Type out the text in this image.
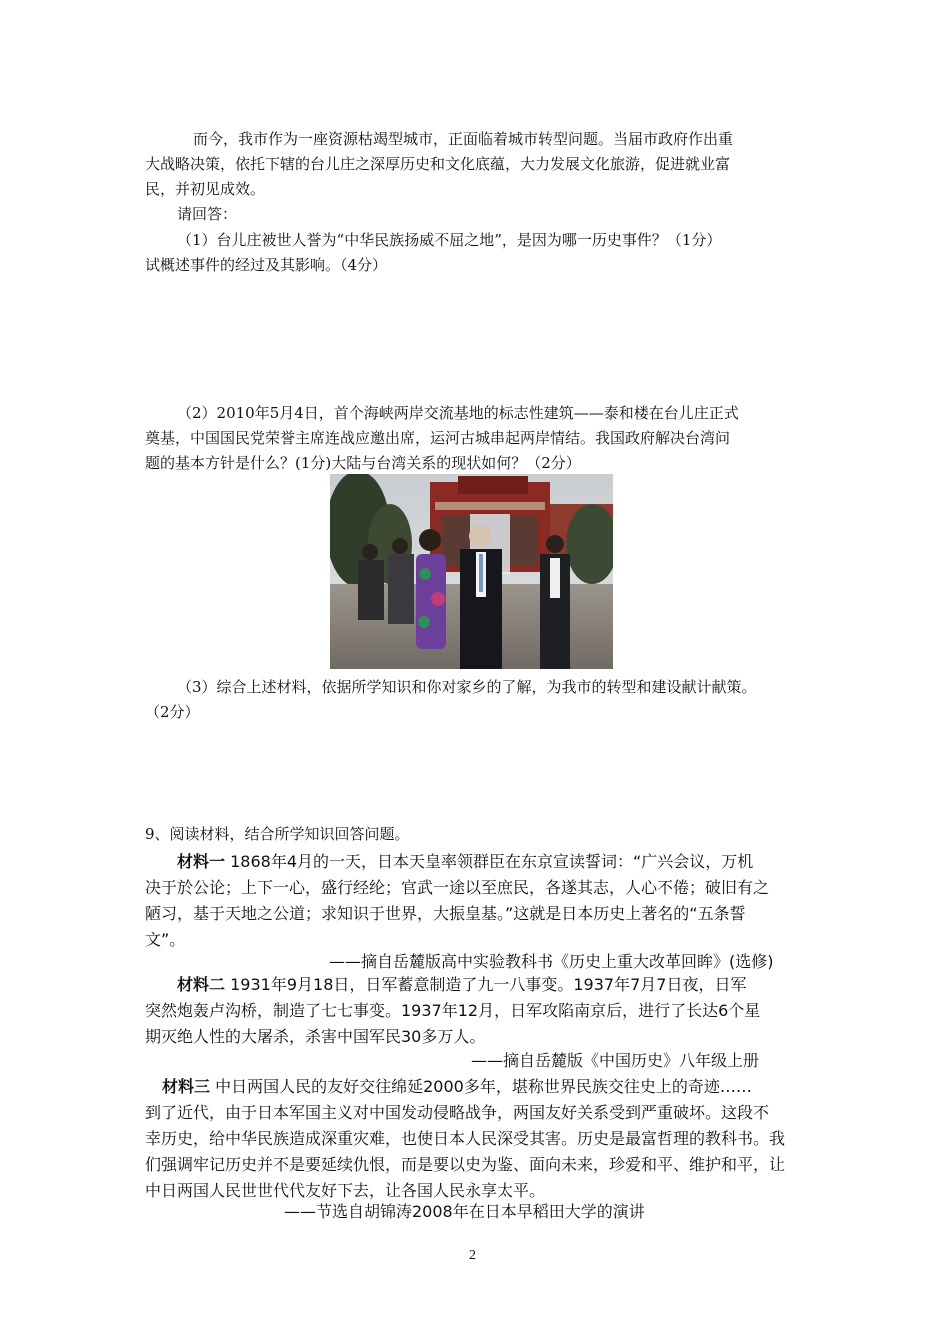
而今，我市作为一座资源枯竭型城市，正面临着城市转型问题。当届市政府作出重
大战略决策，依托下辖的台儿庄之深厚历史和文化底蕴，大力发展文化旅游，促进就业富
民，并初见成效。
请回答：
（1）台儿庄被世人誉为“中华民族扬威不屈之地”，是因为哪一历史事件？（1分）
试概述事件的经过及其影响。（4分）
（2）2010年5月4日，首个海峡两岸交流基地的标志性建筑——泰和楼在台儿庄正式
奠基，中国国民党荣誉主席连战应邀出席，运河古城串起两岸情结。我国政府解决台湾问
题的基本方针是什么？(1分)大陆与台湾关系的现状如何？（2分）
（3）综合上述材料，依据所学知识和你对家乡的了解，为我市的转型和建设献计献策。
（2分）
9、阅读材料，结合所学知识回答问题。
材料一 1868年4月的一天，日本天皇率领群臣在东京宣读誓词：“广兴会议，万机
决于於公论；上下一心，盛行经纶；官武一途以至庶民，各遂其志，人心不倦；破旧有之
陋习，基于天地之公道；求知识于世界，大振皇基。”这就是日本历史上著名的“五条誓
文”。
——摘自岳麓版高中实验教科书《历史上重大改革回眸》(选修)
材料二 1931年9月18日，日军蓄意制造了九一八事变。1937年7月7日夜，日军
突然炮轰卢沟桥，制造了七七事变。1937年12月，日军攻陷南京后，进行了长达6个星
期灭绝人性的大屠杀，杀害中国军民30多万人。
——摘自岳麓版《中国历史》八年级上册
材料三 中日两国人民的友好交往绵延2000多年，堪称世界民族交往史上的奇迹……
到了近代，由于日本军国主义对中国发动侵略战争，两国友好关系受到严重破坏。这段不
幸历史，给中华民族造成深重灾难，也使日本人民深受其害。历史是最富哲理的教科书。我
们强调牢记历史并不是要延续仇恨，而是要以史为鉴、面向未来，珍爱和平、维护和平，让
中日两国人民世世代代友好下去，让各国人民永享太平。
——节选自胡锦涛2008年在日本早稻田大学的演讲
2
